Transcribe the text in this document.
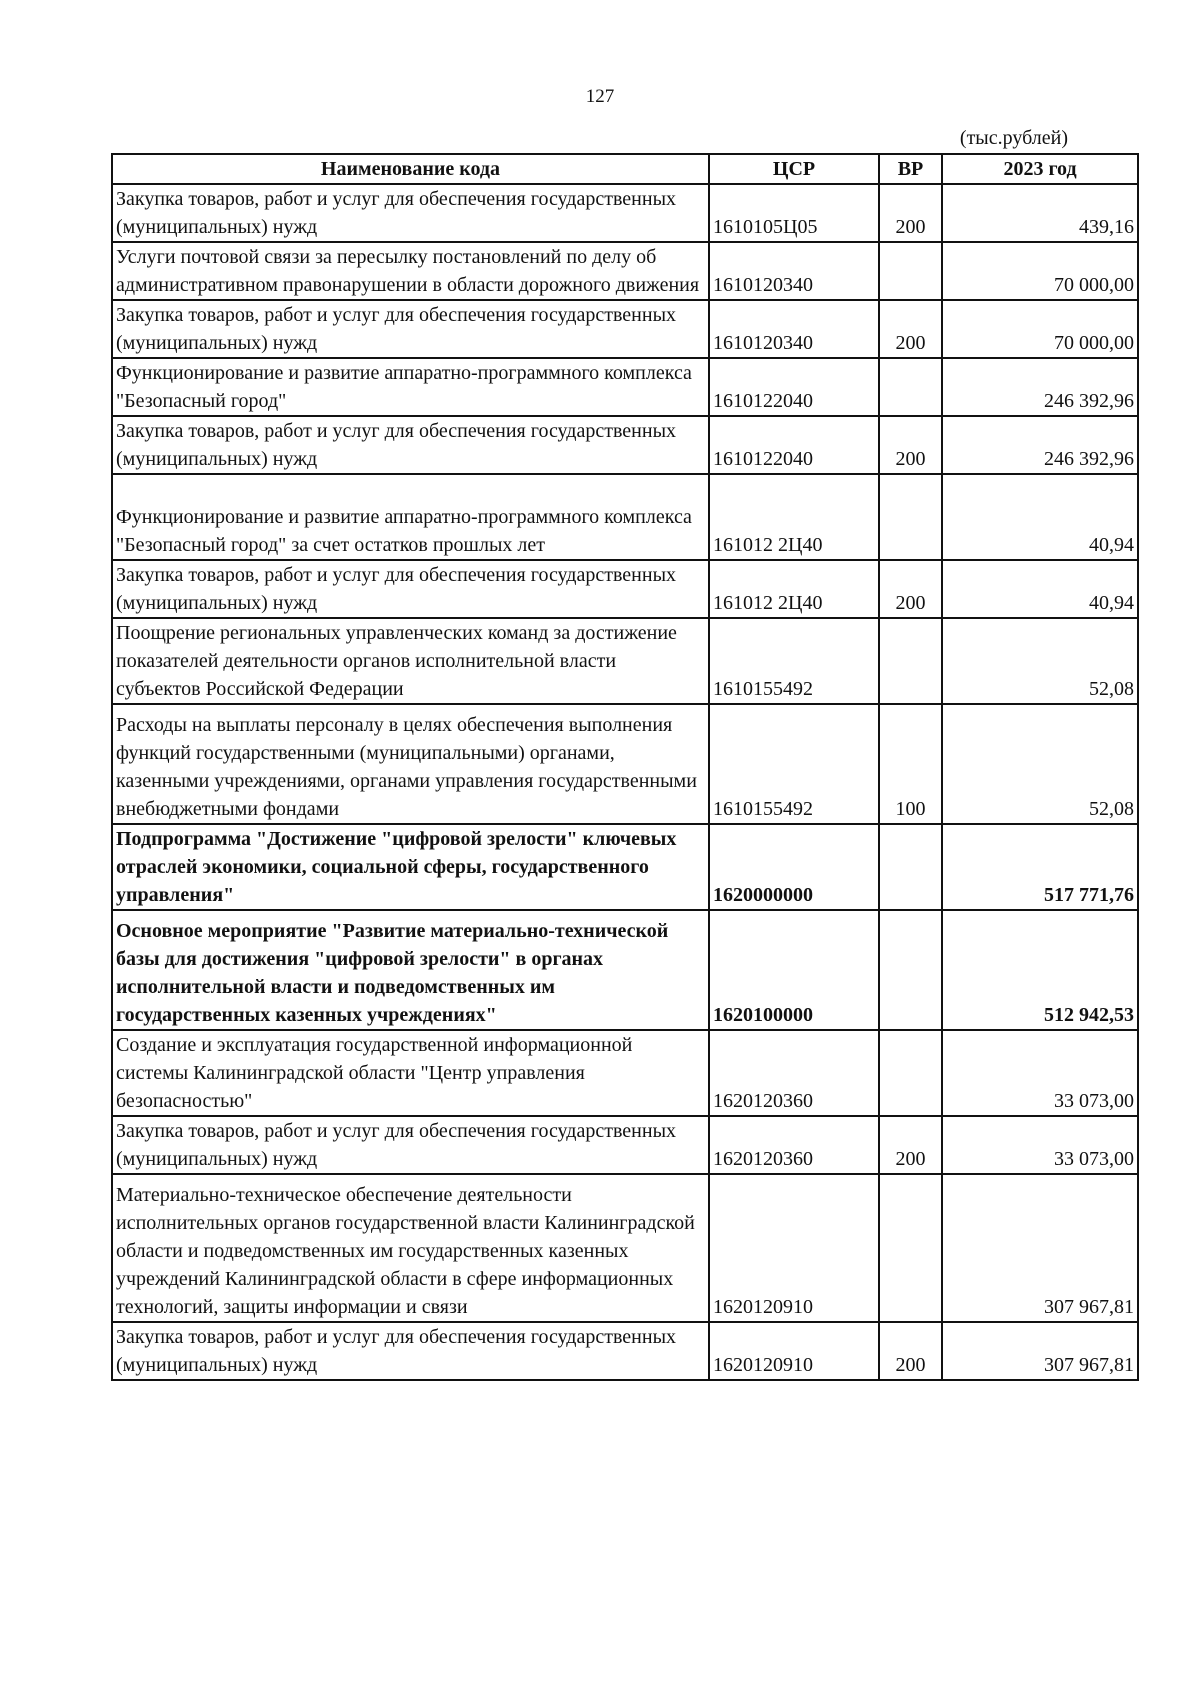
127
(тыс.рублей)
Наименование кода	ЦСР	ВР	2023 год
Закупка товаров, работ и услуг для обеспечения государственных (муниципальных) нужд	1610105Ц05	200	439,16
Услуги почтовой связи за пересылку постановлений по делу об административном правонарушении в области дорожного движения	1610120340		70 000,00
Закупка товаров, работ и услуг для обеспечения государственных (муниципальных) нужд	1610120340	200	70 000,00
Функционирование и развитие аппаратно-программного комплекса "Безопасный город"	1610122040		246 392,96
Закупка товаров, работ и услуг для обеспечения государственных (муниципальных) нужд	1610122040	200	246 392,96
Функционирование и развитие аппаратно-программного комплекса "Безопасный город" за счет остатков прошлых лет	161012 2Ц40		40,94
Закупка товаров, работ и услуг для обеспечения государственных (муниципальных) нужд	161012 2Ц40	200	40,94
Поощрение региональных управленческих команд за достижение показателей деятельности органов исполнительной власти субъектов Российской Федерации	1610155492		52,08
Расходы на выплаты персоналу в целях обеспечения выполнения функций государственными (муниципальными) органами, казенными учреждениями, органами управления государственными внебюджетными фондами	1610155492	100	52,08
Подпрограмма "Достижение "цифровой зрелости" ключевых отраслей экономики, социальной сферы, государственного управления"	1620000000		517 771,76
Основное мероприятие "Развитие материально-технической базы для достижения "цифровой зрелости" в органах исполнительной власти и подведомственных им государственных казенных учреждениях"	1620100000		512 942,53
Создание и эксплуатация государственной информационной системы Калининградской области "Центр управления безопасностью"	1620120360		33 073,00
Закупка товаров, работ и услуг для обеспечения государственных (муниципальных) нужд	1620120360	200	33 073,00
Материально-техническое обеспечение деятельности исполнительных органов государственной власти Калининградской области и подведомственных им государственных казенных учреждений Калининградской области в сфере информационных технологий, защиты информации и связи	1620120910		307 967,81
Закупка товаров, работ и услуг для обеспечения государственных (муниципальных) нужд	1620120910	200	307 967,81
